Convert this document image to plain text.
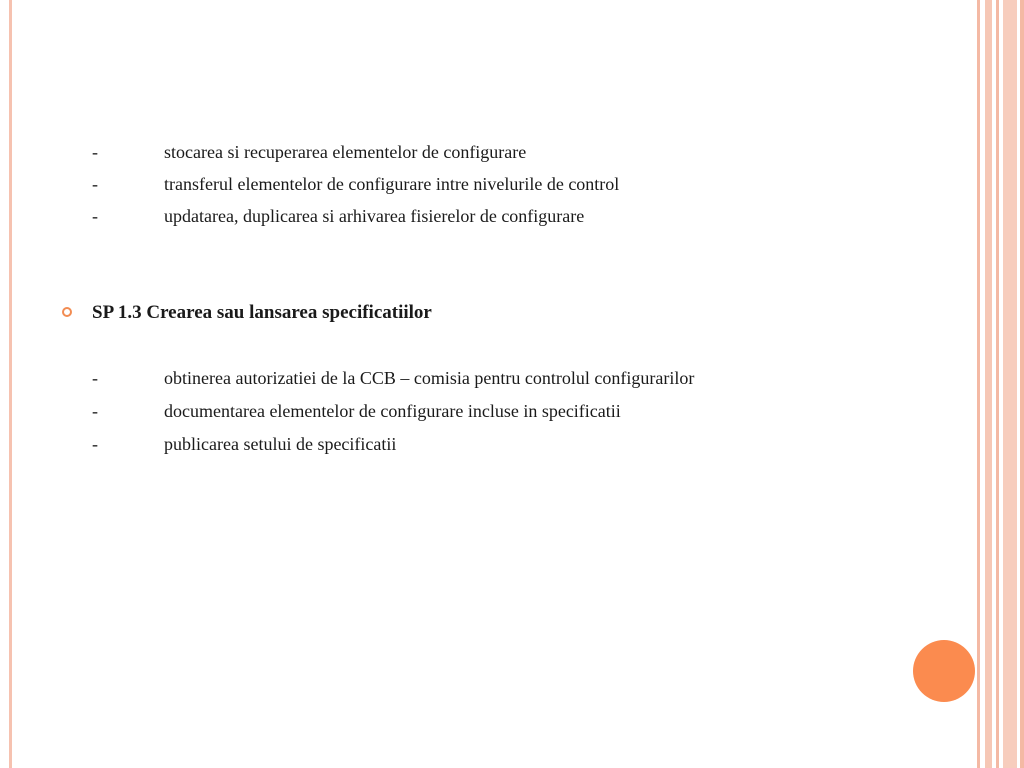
-	stocarea si recuperarea elementelor de configurare
-	transferul elementelor de configurare intre nivelurile de control
-	updatarea, duplicarea si arhivarea fisierelor de configurare
SP 1.3 Crearea sau lansarea specificatiilor
-	obtinerea autorizatiei de la CCB – comisia pentru controlul configurarilor
-	documentarea elementelor de configurare incluse in specificatii
-	publicarea setului de specificatii
